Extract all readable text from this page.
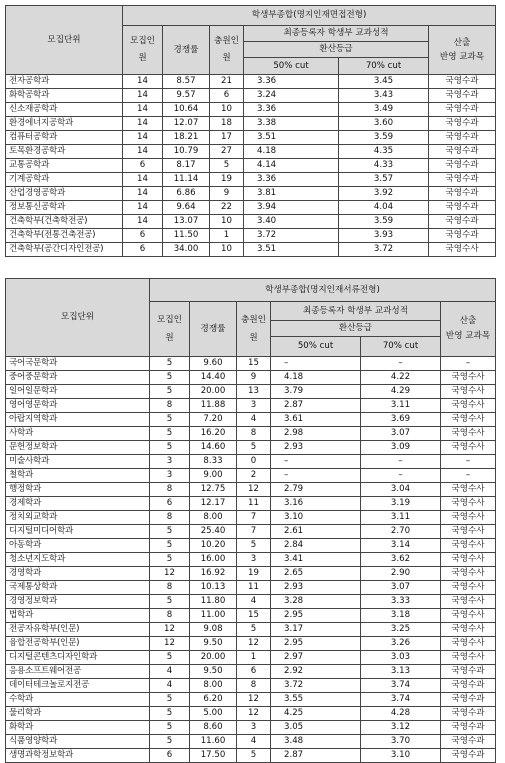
모집단위	학생부종합(명지인재면접전형)					

	모집인원	경쟁률	충원인원	최종등록자 학생부 교과성적		산출
반영 교과목

				환산등급		
				50% cut	70% cut	
전자공학과	14	8.57	21	3.36	3.45	국영수과
화학공학과	14	9.57	6	3.24	3.43	국영수과
신소재공학과	14	10.64	10	3.36	3.49	국영수과
환경에너지공학과	14	12.07	18	3.38	3.60	국영수과
컴퓨터공학과	14	18.21	17	3.51	3.59	국영수과
토목환경공학과	14	10.79	27	4.18	4.35	국영수과
교통공학과	6	8.17	5	4.14	4.33	국영수과
기계공학과	14	11.14	19	3.36	3.57	국영수과
산업경영공학과	14	6.86	9	3.81	3.92	국영수과
정보통신공학과	14	9.64	22	3.94	4.04	국영수과
건축학부(건축학전공)	14	13.07	10	3.40	3.59	국영수과
건축학부(전통건축전공)	6	11.50	1	3.72	3.93	국영수과
건축학부(공간디자인전공)	6	34.00	10	3.51	3.72	국영수사
모집단위	학생부종합(명지인재서류전형)					

	모집인원	경쟁률	충원인원	최종등록자 학생부 교과성적		산출
반영 교과목

				환산등급		
				50% cut	70% cut	
국어국문학과	5	9.60	15	–	–	–
중어중문학과	5	14.40	9	4.18	4.22	국영수사
일어일문학과	5	20.00	13	3.79	4.29	국영수사
영어영문학과	8	11.88	3	2.87	3.11	국영수사
아랍지역학과	5	7.20	4	3.61	3.69	국영수사
사학과	5	16.20	8	2.98	3.07	국영수사
문헌정보학과	5	14.60	5	2.93	3.09	국영수사
미술사학과	3	8.33	0	–	–	–
철학과	3	9.00	2	–	–	–
행정학과	8	12.75	12	2.79	3.04	국영수사
경제학과	6	12.17	11	3.16	3.19	국영수사
정치외교학과	8	8.00	7	3.10	3.11	국영수사
디지털미디어학과	5	25.40	7	2.61	2.70	국영수사
아동학과	5	10.20	5	2.84	3.14	국영수사
청소년지도학과	5	16.00	3	3.41	3.62	국영수사
경영학과	12	16.92	19	2.65	2.90	국영수사
국제통상학과	8	10.13	11	2.93	3.07	국영수사
경영정보학과	5	11.80	4	3.28	3.33	국영수사
법학과	8	11.00	15	2.95	3.18	국영수사
전공자유학부(인문)	12	9.08	5	3.17	3.25	국영수사
융합전공학부(인문)	12	9.50	12	2.95	3.26	국영수사
디지털콘텐츠디자인학과	5	20.00	1	2.97	3.03	국영수사
응용소프트웨어전공	4	9.50	6	2.92	3.13	국영수과
데이터테크놀로지전공	4	8.00	8	3.72	3.74	국영수과
수학과	5	6.20	12	3.55	3.74	국영수과
물리학과	5	5.00	12	4.25	4.28	국영수과
화학과	5	8.60	3	3.05	3.12	국영수과
식품영양학과	5	11.60	4	3.48	3.70	국영수과
생명과학정보학과	6	17.50	5	2.87	3.10	국영수과
